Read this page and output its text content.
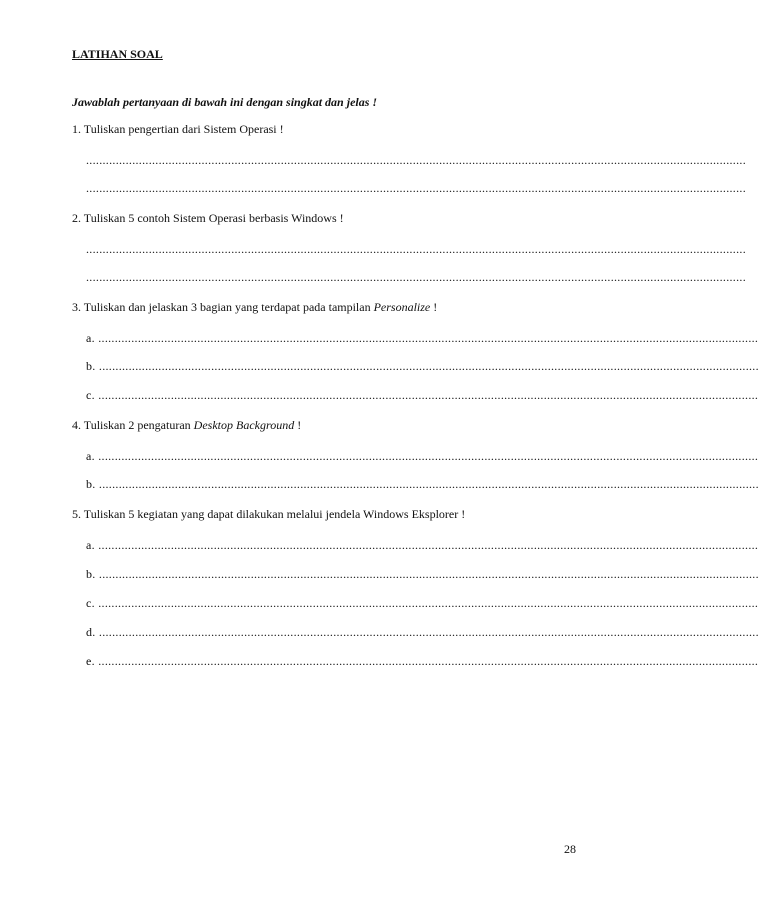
LATIHAN SOAL
Jawablah pertanyaan di bawah ini dengan singkat dan jelas !
1. Tuliskan pengertian dari Sistem Operasi !
........................................................................................................................................................................................................
........................................................................................................................................................................................................
2. Tuliskan 5 contoh Sistem Operasi berbasis Windows !
........................................................................................................................................................................................................
........................................................................................................................................................................................................
3. Tuliskan dan jelaskan 3 bagian yang terdapat pada tampilan Personalize !
a. ........................................................................................................................................................................................................
b. ........................................................................................................................................................................................................
c. ........................................................................................................................................................................................................
4. Tuliskan 2 pengaturan Desktop Background !
a. ........................................................................................................................................................................................................
b. ........................................................................................................................................................................................................
5. Tuliskan 5 kegiatan yang dapat dilakukan melalui jendela Windows Eksplorer !
a. ........................................................................................................................................................................................................
b. ........................................................................................................................................................................................................
c. ........................................................................................................................................................................................................
d. ........................................................................................................................................................................................................
e. ........................................................................................................................................................................................................
28
